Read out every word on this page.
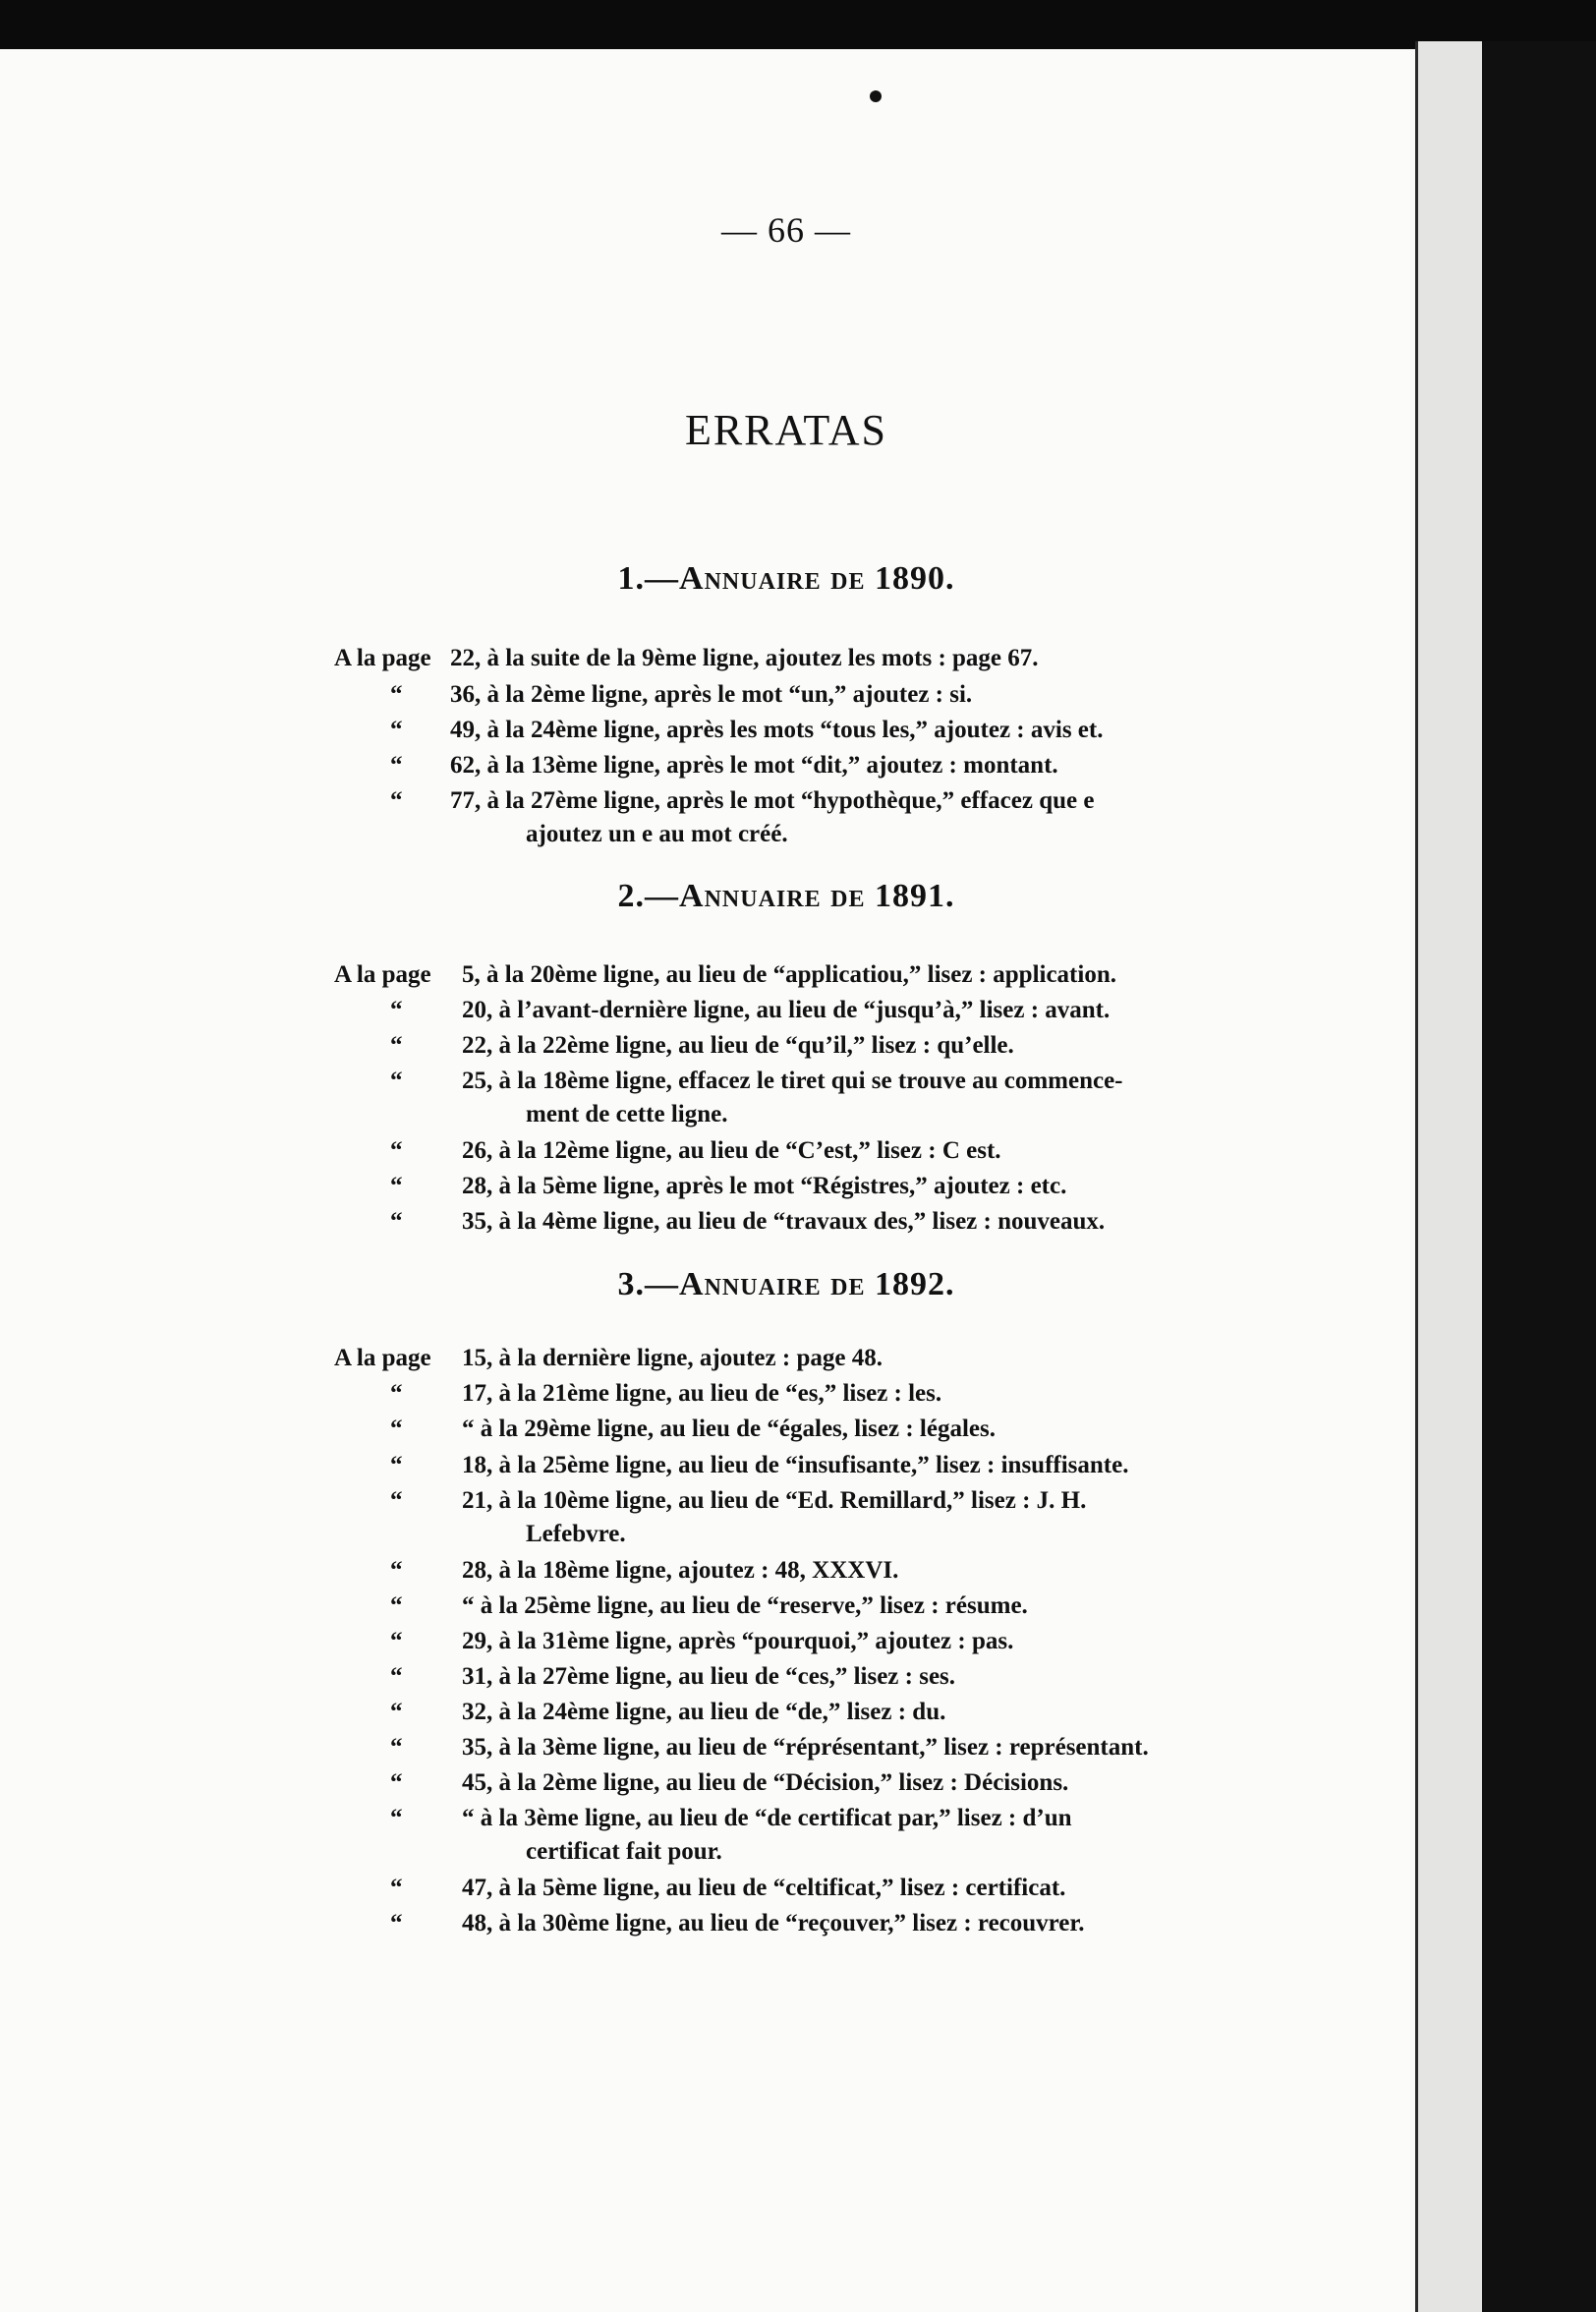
— 66 —
ERRATAS
1.—Annuaire de 1890.
2.—Annuaire de 1891.
3.—Annuaire de 1892.
A la page 22, à la suite de la 9ème ligne, ajoutez les mots : page 67.
“ 36, à la 2ème ligne, après le mot “un,” ajoutez : si.
“ 49, à la 24ème ligne, après les mots “tous les,” ajoutez : avis et.
“ 62, à la 13ème ligne, après le mot “dit,” ajoutez : montant.
“ 77, à la 27ème ligne, après le mot “hypothèque,” effacez que e
ajoutez un e au mot créé.
A la page 5, à la 20ème ligne, au lieu de “applicatiou,” lisez : application.
“ 20, à l’avant-dernière ligne, au lieu de “jusqu’à,” lisez : avant.
“ 22, à la 22ème ligne, au lieu de “qu’il,” lisez : qu’elle.
“ 25, à la 18ème ligne, effacez le tiret qui se trouve au commence-
ment de cette ligne.
“ 26, à la 12ème ligne, au lieu de “C’est,” lisez : C est.
“ 28, à la 5ème ligne, après le mot “Régistres,” ajoutez : etc.
“ 35, à la 4ème ligne, au lieu de “travaux des,” lisez : nouveaux.
A la page 15, à la dernière ligne, ajoutez : page 48.
“ 17, à la 21ème ligne, au lieu de “es,” lisez : les.
“ “ à la 29ème ligne, au lieu de “égales, lisez : légales.
“ 18, à la 25ème ligne, au lieu de “insufisante,” lisez : insuffisante.
“ 21, à la 10ème ligne, au lieu de “Ed. Remillard,” lisez : J. H.
Lefebvre.
“ 28, à la 18ème ligne, ajoutez : 48, XXXVI.
“ “ à la 25ème ligne, au lieu de “reserve,” lisez : résume.
“ 29, à la 31ème ligne, après “pourquoi,” ajoutez : pas.
“ 31, à la 27ème ligne, au lieu de “ces,” lisez : ses.
“ 32, à la 24ème ligne, au lieu de “de,” lisez : du.
“ 35, à la 3ème ligne, au lieu de “réprésentant,” lisez : représentant.
“ 45, à la 2ème ligne, au lieu de “Décision,” lisez : Décisions.
“ “ à la 3ème ligne, au lieu de “de certificat par,” lisez : d’un
certificat fait pour.
“ 47, à la 5ème ligne, au lieu de “celtificat,” lisez : certificat.
“ 48, à la 30ème ligne, au lieu de “reçouver,” lisez : recouvrer.
